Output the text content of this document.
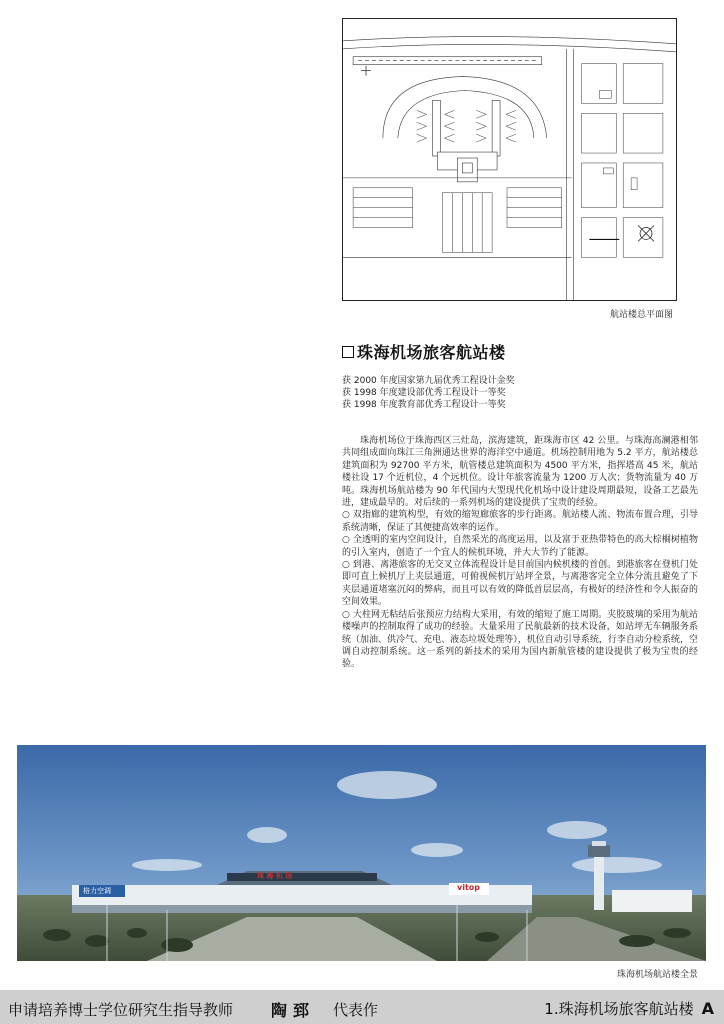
航站楼总平面图
珠海机场旅客航站楼
获 2000 年度国家第九届优秀工程设计金奖
获 1998 年度建设部优秀工程设计一等奖
获 1998 年度教育部优秀工程设计一等奖

珠海机场位于珠海西区三灶岛，滨海建筑，距珠海市区 42 公里。与珠海高澜港相邻共同组成面向珠江三角洲通达世界的海洋空中通道。机场控制用地为 5.2 平方，航站楼总建筑面积为 92700 平方米，航管楼总建筑面积为 4500 平方米，指挥塔高 45 米，航站楼社设 17 个近机位，4 个远机位。设计年旅客流量为 1200 万人次；货物流量为 40 万吨。珠海机场航站楼为 90 年代国内大型现代化机场中设计建设周期最短，设备工艺最先进，建成最早的。对后续的一系列机场的建设提供了宝贵的经验。

○ 双指廊的建筑构型，有效的缩短廊旅客的步行距离。航站楼人流、物流布置合理，引导系统清晰，保证了其便捷高效率的运作。

○ 全透明的室内空间设计，自然采光的高度运用，以及富于亚热带特色的高大棕榈树植物的引入室内，创造了一个宜人的候机环境，并大大节约了能源。

○ 到港、离港旅客的无交叉立体流程设计是目前国内候机楼的首创。到港旅客在登机门处即可直上候机厅上夹层通道，可俯视候机厅站坪全景，与离港客完全立体分流且避免了下夹层通道堵塞沉闷的弊病，而且可以有效的降低首层层高，有极好的经济性和令人振奋的空间效果。

○ 大柱网无粘结后张预应力结构大采用，有效的缩短了施工周期。夹胶玻璃的采用为航站楼噪声的控制取得了成功的经验。大量采用了民航最新的技术设备，如站坪无车辆服务系统（加油、供冷气、充电、液态垃圾处理等），机位自动引导系统，行李自动分检系统，空调自动控制系统。这一系列的新技术的采用为国内新航管楼的建设提供了极为宝贵的经验。

格力空调	vitop
珠 海 机 场
珠海机场航站楼全景
申请培养博士学位研究生指导教师 陶郅 代表作	1.珠海机场旅客航站楼 A
